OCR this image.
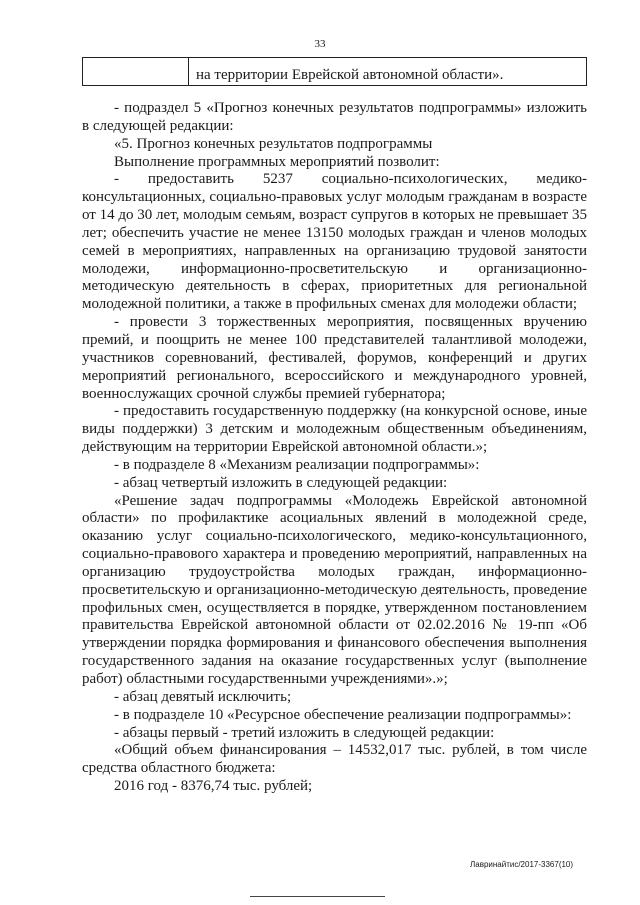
33
на территории Еврейской автономной области».

- подраздел 5 «Прогноз конечных результатов подпрограммы» изложить в следующей редакции:

«5. Прогноз конечных результатов подпрограммы

Выполнение программных мероприятий позволит:

- предоставить 5237 социально-психологических, медико-консультационных, социально-правовых услуг молодым гражданам в возрасте от 14 до 30 лет, молодым семьям, возраст супругов в которых не превышает 35 лет; обеспечить участие не менее 13150 молодых граждан и членов молодых семей в мероприятиях, направленных на организацию трудовой занятости молодежи, информационно-просветительскую и организационно-методическую деятельность в сферах, приоритетных для региональной молодежной политики, а также в профильных сменах для молодежи области;

- провести 3 торжественных мероприятия, посвященных вручению премий, и поощрить не менее 100 представителей талантливой молодежи, участников соревнований, фестивалей, форумов, конференций и других мероприятий регионального, всероссийского и международного уровней, военнослужащих срочной службы премией губернатора;

- предоставить государственную поддержку (на конкурсной основе, иные виды поддержки) 3 детским и молодежным общественным объединениям, действующим на территории Еврейской автономной области.»;

- в подразделе 8 «Механизм реализации подпрограммы»:

- абзац четвертый изложить в следующей редакции:

«Решение задач подпрограммы «Молодежь Еврейской автономной области» по профилактике асоциальных явлений в молодежной среде, оказанию услуг социально-психологического, медико-консультационного, социально-правового характера и проведению мероприятий, направленных на организацию трудоустройства молодых граждан, информационно-просветительскую и организационно-методическую деятельность, проведение профильных смен, осуществляется в порядке, утвержденном постановлением правительства Еврейской автономной области от 02.02.2016 № 19-пп «Об утверждении порядка формирования и финансового обеспечения выполнения государственного задания на оказание государственных услуг (выполнение работ) областными государственными учреждениями».»;

- абзац девятый исключить;

- в подразделе 10 «Ресурсное обеспечение реализации подпрограммы»:

- абзацы первый - третий изложить в следующей редакции:

«Общий объем финансирования – 14532,017 тыс. рублей, в том числе средства областного бюджета:

2016 год - 8376,74 тыс. рублей;

Лавринайтис/2017-3367(10)
